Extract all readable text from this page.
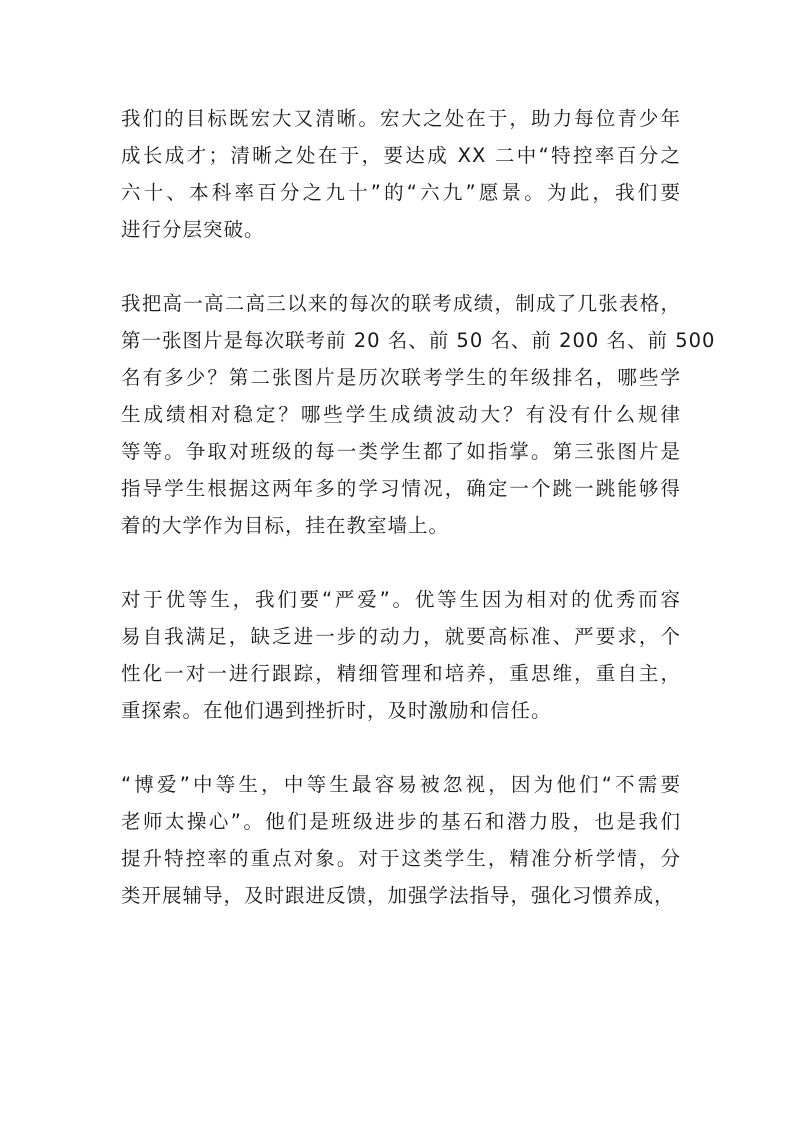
我们的目标既宏大又清晰。宏大之处在于，助力每位青少年
成长成才；清晰之处在于，要达成 XX 二中“特控率百分之
六十、本科率百分之九十”的“六九”愿景。为此，我们要
进行分层突破。

我把高一高二高三以来的每次的联考成绩，制成了几张表格，
第一张图片是每次联考前 20 名、前 50 名、前 200 名、前 500
名有多少？第二张图片是历次联考学生的年级排名，哪些学
生成绩相对稳定？哪些学生成绩波动大？有没有什么规律
等等。争取对班级的每一类学生都了如指掌。第三张图片是
指导学生根据这两年多的学习情况，确定一个跳一跳能够得
着的大学作为目标，挂在教室墙上。

对于优等生，我们要“严爱”。优等生因为相对的优秀而容
易自我满足，缺乏进一步的动力，就要高标准、严要求，个
性化一对一进行跟踪，精细管理和培养，重思维，重自主，
重探索。在他们遇到挫折时，及时激励和信任。

“博爱”中等生，中等生最容易被忽视，因为他们“不需要
老师太操心”。他们是班级进步的基石和潜力股，也是我们
提升特控率的重点对象。对于这类学生，精准分析学情，分
类开展辅导，及时跟进反馈，加强学法指导，强化习惯养成，
